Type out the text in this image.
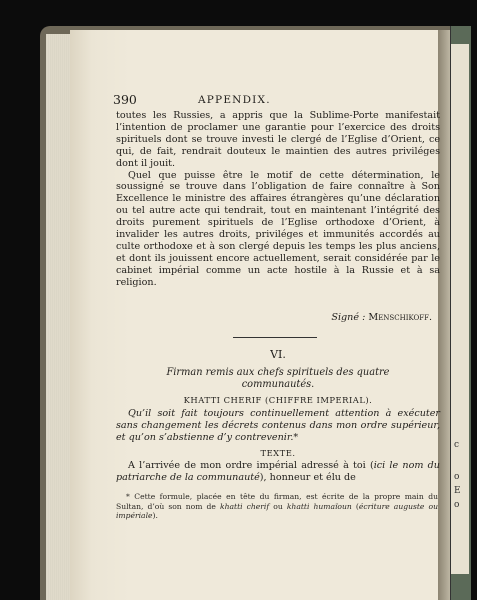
c
o
E
o
390	APPENDIX.

toutes les Russies, a appris que la Sublime-Porte manifestait l’intention de proclamer une garantie pour l’exercice des droits spirituels dont se trouve investi le clergé de l’Eglise d’Orient, ce qui, de fait, rendrait douteux le maintien des autres priviléges dont il jouit.

Quel que puisse être le motif de cette détermination, le soussigné se trouve dans l’obligation de faire connaître à Son Excellence le ministre des affaires étrangères qu’une déclaration ou tel autre acte qui tendrait, tout en maintenant l’intégrité des droits purement spirituels de l’Eglise orthodoxe d’Orient, à invalider les autres droits, priviléges et immunités accordés au culte orthodoxe et à son clergé depuis les temps les plus anciens, et dont ils jouissent encore actuellement, serait considérée par le cabinet impérial comme un acte hostile à la Russie et à sa religion.

Signé : Menschikoff.
VI.
Firman remis aux chefs spirituels des quatre
communautés.
KHATTI CHERIF (CHIFFRE IMPERIAL).

Qu’il soit fait toujours continuellement attention à exécuter sans changement les décrets contenus dans mon ordre supérieur, et qu’on s’abstienne d’y contrevenir.*

TEXTE.

A l’arrivée de mon ordre impérial adressé à toi (ici le nom du patriarche de la communauté), honneur et élu de

* Cette formule, placée en tête du firman, est écrite de la propre main du Sultan, d’où son nom de khatti cherif ou khatti humaïoun (écriture auguste ou impériale).
